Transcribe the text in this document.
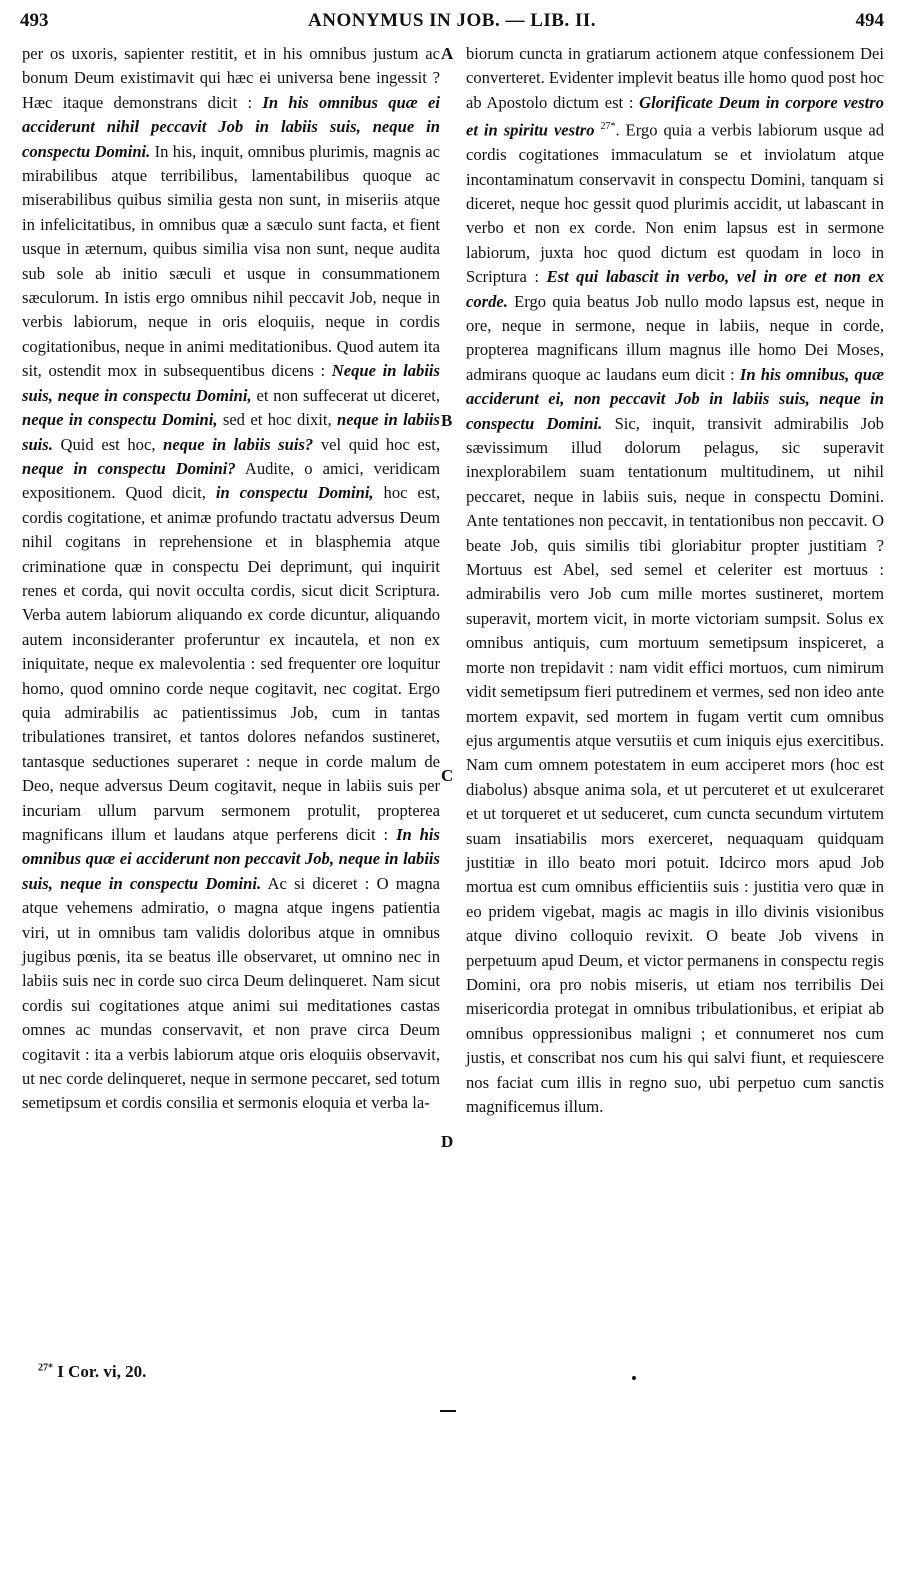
493	ANONYMUS IN JOB. — LIB. II.	494
A
B
C
D

per os uxoris, sapienter restitit, et in his omnibus justum ac bonum Deum existimavit qui hæc ei universa bene ingessit ? Hæc itaque demonstrans dicit : In his omnibus quæ ei acciderunt nihil peccavit Job in labiis suis, neque in conspectu Domini. In his, inquit, omnibus plurimis, magnis ac mirabilibus atque terribilibus, lamentabilibus quoque ac miserabilibus quibus similia gesta non sunt, in miseriis atque in infelicitatibus, in omnibus quæ a sæculo sunt facta, et fient usque in æternum, quibus similia visa non sunt, neque audita sub sole ab initio sæculi et usque in consummationem sæculorum. In istis ergo omnibus nihil peccavit Job, neque in verbis labiorum, neque in oris eloquiis, neque in cordis cogitationibus, neque in animi meditationibus. Quod autem ita sit, ostendit mox in subsequentibus dicens : Neque in labiis suis, neque in conspectu Domini, et non suffecerat ut diceret, neque in conspectu Domini, sed et hoc dixit, neque in labiis suis. Quid est hoc, neque in labiis suis? vel quid hoc est, neque in conspectu Domini? Audite, o amici, veridicam expositionem. Quod dicit, in conspectu Domini, hoc est, cordis cogitatione, et animæ profundo tractatu adversus Deum nihil cogitans in reprehensione et in blasphemia atque criminatione quæ in conspectu Dei deprimunt, qui inquirit renes et corda, qui novit occulta cordis, sicut dicit Scriptura. Verba autem labiorum aliquando ex corde dicuntur, aliquando autem inconsideranter proferuntur ex incautela, et non ex iniquitate, neque ex malevolentia : sed frequenter ore loquitur homo, quod omnino corde neque cogitavit, nec cogitat. Ergo quia admirabilis ac patientissimus Job, cum in tantas tribulationes transiret, et tantos dolores nefandos sustineret, tantasque seductiones superaret : neque in corde malum de Deo, neque adversus Deum cogitavit, neque in labiis suis per incuriam ullum parvum sermonem protulit, propterea magnificans illum et laudans atque perferens dicit : In his omnibus quæ ei acciderunt non peccavit Job, neque in labiis suis, neque in conspectu Domini. Ac si diceret : O magna atque vehemens admiratio, o magna atque ingens patientia viri, ut in omnibus tam validis doloribus atque in omnibus jugibus pœnis, ita se beatus ille observaret, ut omnino nec in labiis suis nec in corde suo circa Deum delinqueret. Nam sicut cordis sui cogitationes atque animi sui meditationes castas omnes ac mundas conservavit, et non prave circa Deum cogitavit : ita a verbis labiorum atque oris eloquiis observavit, ut nec corde delinqueret, neque in sermone peccaret, sed totum semetipsum et cordis consilia et sermonis eloquia et verba la-

biorum cuncta in gratiarum actionem atque confessionem Dei converteret. Evidenter implevit beatus ille homo quod post hoc ab Apostolo dictum est : Glorificate Deum in corpore vestro et in spiritu vestro $^{27*}$. Ergo quia a verbis labiorum usque ad cordis cogitationes immaculatum se et inviolatum atque incontaminatum conservavit in conspectu Domini, tanquam si diceret, neque hoc gessit quod plurimis accidit, ut labascant in verbo et non ex corde. Non enim lapsus est in sermone labiorum, juxta hoc quod dictum est quodam in loco in Scriptura : Est qui labascit in verbo, vel in ore et non ex corde. Ergo quia beatus Job nullo modo lapsus est, neque in ore, neque in sermone, neque in labiis, neque in corde, propterea magnificans illum magnus ille homo Dei Moses, admirans quoque ac laudans eum dicit : In his omnibus, quæ acciderunt ei, non peccavit Job in labiis suis, neque in conspectu Domini. Sic, inquit, transivit admirabilis Job sævissimum illud dolorum pelagus, sic superavit inexplorabilem suam tentationum multitudinem, ut nihil peccaret, neque in labiis suis, neque in conspectu Domini. Ante tentationes non peccavit, in tentationibus non peccavit. O beate Job, quis similis tibi gloriabitur propter justitiam ? Mortuus est Abel, sed semel et celeriter est mortuus : admirabilis vero Job cum mille mortes sustineret, mortem superavit, mortem vicit, in morte victoriam sumpsit. Solus ex omnibus antiquis, cum mortuum semetipsum inspiceret, a morte non trepidavit : nam vidit effici mortuos, cum nimirum vidit semetipsum fieri putredinem et vermes, sed non ideo ante mortem expavit, sed mortem in fugam vertit cum omnibus ejus argumentis atque versutiis et cum iniquis ejus exercitibus. Nam cum omnem potestatem in eum acciperet mors (hoc est diabolus) absque anima sola, et ut percuteret et ut exulceraret et ut torqueret et ut seduceret, cum cuncta secundum virtutem suam insatiabilis mors exerceret, nequaquam quidquam justitiæ in illo beato mori potuit. Idcirco mors apud Job mortua est cum omnibus efficientiis suis : justitia vero quæ in eo pridem vigebat, magis ac magis in illo divinis visionibus atque divino colloquio revixit. O beate Job vivens in perpetuum apud Deum, et victor permanens in conspectu regis Domini, ora pro nobis miseris, ut etiam nos terribilis Dei misericordia protegat in omnibus tribulationibus, et eripiat ab omnibus oppressionibus maligni ; et connumeret nos cum justis, et conscribat nos cum his qui salvi fiunt, et requiescere nos faciat cum illis in regno suo, ubi perpetuo cum sanctis magnificemus illum.

$^{27*}$ I Cor. vi, 20.
